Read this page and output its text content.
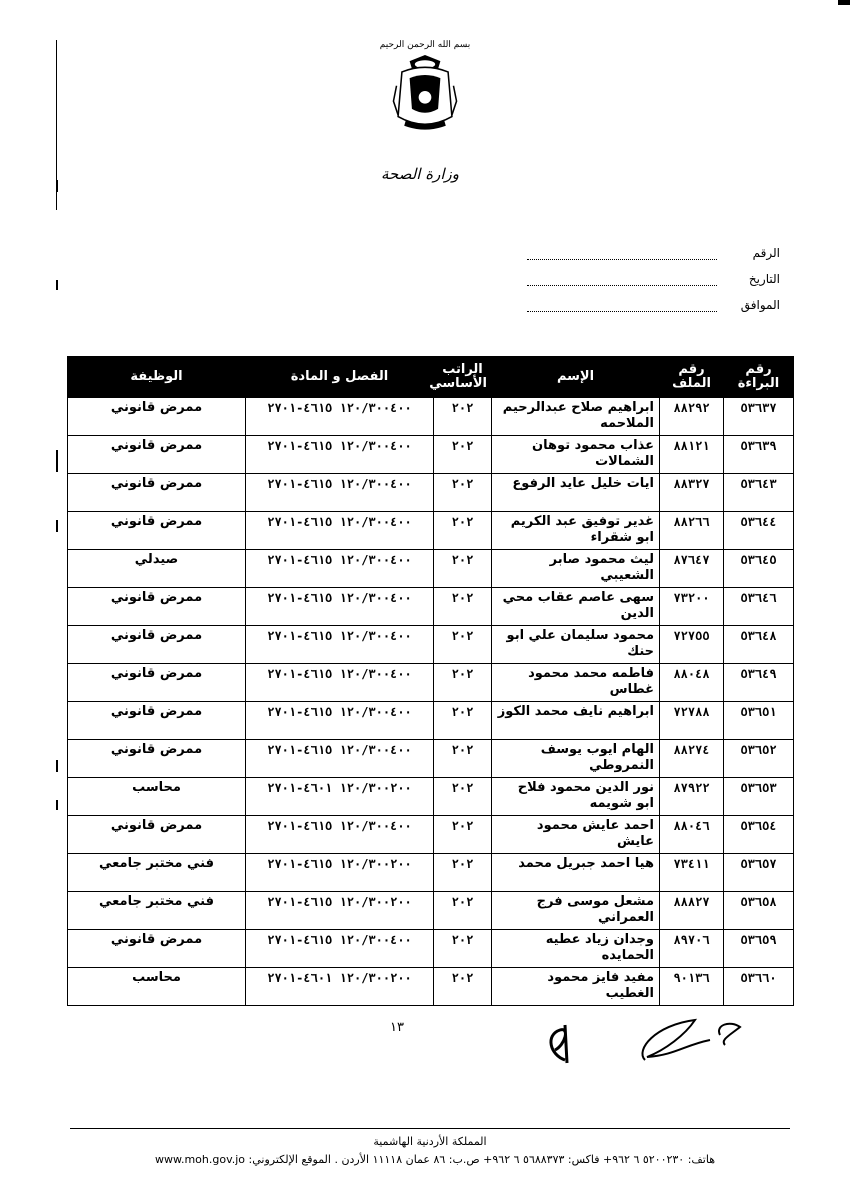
بسم الله الرحمن الرحيم
وزارة الصحة
الرقم
التاريخ
الموافق
رقم البراءة	رقم الملف	الإسم	الراتب الأساسي	الفصل و المادة	الوظيفة
٥٣٦٣٧	٨٨٢٩٢	ابراهيم صلاح عبدالرحيم الملاحمه	٢٠٢	١٢٠/٣٠٠٤٠٠ ٤٦١٥-٢٧٠١	ممرض قانوني
٥٣٦٣٩	٨٨١٢١	عذاب محمود توهان الشمالات	٢٠٢	١٢٠/٣٠٠٤٠٠ ٤٦١٥-٢٧٠١	ممرض قانوني
٥٣٦٤٣	٨٨٣٢٧	ايات خليل عايد الرفوع	٢٠٢	١٢٠/٣٠٠٤٠٠ ٤٦١٥-٢٧٠١	ممرض قانوني
٥٣٦٤٤	٨٨٢٦٦	غدير توفيق عبد الكريم ابو شقراء	٢٠٢	١٢٠/٣٠٠٤٠٠ ٤٦١٥-٢٧٠١	ممرض قانوني
٥٣٦٤٥	٨٧٦٤٧	ليث محمود صابر الشعيبي	٢٠٢	١٢٠/٣٠٠٤٠٠ ٤٦١٥-٢٧٠١	صيدلي
٥٣٦٤٦	٧٣٢٠٠	سهى عاصم عقاب محي الدين	٢٠٢	١٢٠/٣٠٠٤٠٠ ٤٦١٥-٢٧٠١	ممرض قانوني
٥٣٦٤٨	٧٢٧٥٥	محمود سليمان علي ابو حنك	٢٠٢	١٢٠/٣٠٠٤٠٠ ٤٦١٥-٢٧٠١	ممرض قانوني
٥٣٦٤٩	٨٨٠٤٨	فاطمه محمد محمود غطاس	٢٠٢	١٢٠/٣٠٠٤٠٠ ٤٦١٥-٢٧٠١	ممرض قانوني
٥٣٦٥١	٧٢٧٨٨	ابراهيم نايف محمد الكوز	٢٠٢	١٢٠/٣٠٠٤٠٠ ٤٦١٥-٢٧٠١	ممرض قانوني
٥٣٦٥٢	٨٨٢٧٤	الهام ايوب يوسف النمروطي	٢٠٢	١٢٠/٣٠٠٤٠٠ ٤٦١٥-٢٧٠١	ممرض قانوني
٥٣٦٥٣	٨٧٩٢٢	نور الدين محمود فلاح ابو شويمه	٢٠٢	١٢٠/٣٠٠٢٠٠ ٤٦٠١-٢٧٠١	محاسب
٥٣٦٥٤	٨٨٠٤٦	احمد عايش محمود عايش	٢٠٢	١٢٠/٣٠٠٤٠٠ ٤٦١٥-٢٧٠١	ممرض قانوني
٥٣٦٥٧	٧٣٤١١	هيا احمد جبريل محمد	٢٠٢	١٢٠/٣٠٠٢٠٠ ٤٦١٥-٢٧٠١	فني مختبر جامعي
٥٣٦٥٨	٨٨٨٢٧	مشعل موسى فرج العمراني	٢٠٢	١٢٠/٣٠٠٢٠٠ ٤٦١٥-٢٧٠١	فني مختبر جامعي
٥٣٦٥٩	٨٩٧٠٦	وجدان زياد عطيه الحمايده	٢٠٢	١٢٠/٣٠٠٤٠٠ ٤٦١٥-٢٧٠١	ممرض قانوني
٥٣٦٦٠	٩٠١٣٦	مفيد فايز محمود الغطيب	٢٠٢	١٢٠/٣٠٠٢٠٠ ٤٦٠١-٢٧٠١	محاسب
١٣
المملكة الأردنية الهاشمية
هاتف: ٥٢٠٠٢٣٠ ٦ ٩٦٢+ فاكس: ٥٦٨٨٣٧٣ ٦ ٩٦٢+ ص.ب: ٨٦ عمان ١١١١٨ الأردن . الموقع الإلكتروني: www.moh.gov.jo
